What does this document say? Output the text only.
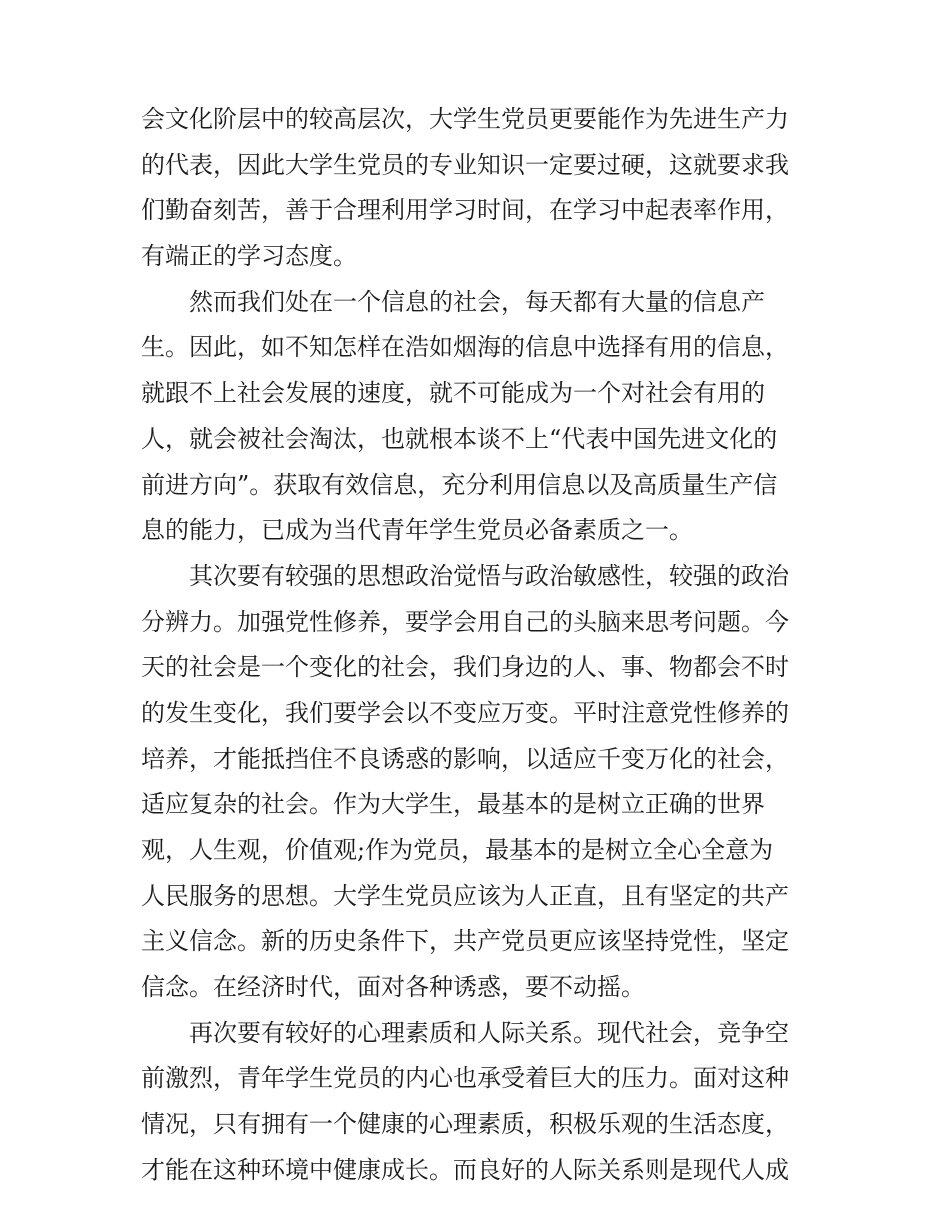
会文化阶层中的较高层次，大学生党员更要能作为先进生产力
的代表，因此大学生党员的专业知识一定要过硬，这就要求我
们勤奋刻苦，善于合理利用学习时间，在学习中起表率作用，
有端正的学习态度。
然而我们处在一个信息的社会，每天都有大量的信息产
生。因此，如不知怎样在浩如烟海的信息中选择有用的信息，
就跟不上社会发展的速度，就不可能成为一个对社会有用的
人，就会被社会淘汰，也就根本谈不上“代表中国先进文化的
前进方向”。获取有效信息，充分利用信息以及高质量生产信
息的能力，已成为当代青年学生党员必备素质之一。
其次要有较强的思想政治觉悟与政治敏感性，较强的政治
分辨力。加强党性修养，要学会用自己的头脑来思考问题。今
天的社会是一个变化的社会，我们身边的人、事、物都会不时
的发生变化，我们要学会以不变应万变。平时注意党性修养的
培养，才能抵挡住不良诱惑的影响，以适应千变万化的社会，
适应复杂的社会。作为大学生，最基本的是树立正确的世界
观，人生观，价值观;作为党员，最基本的是树立全心全意为
人民服务的思想。大学生党员应该为人正直，且有坚定的共产
主义信念。新的历史条件下，共产党员更应该坚持党性，坚定
信念。在经济时代，面对各种诱惑，要不动摇。
再次要有较好的心理素质和人际关系。现代社会，竞争空
前激烈，青年学生党员的内心也承受着巨大的压力。面对这种
情况，只有拥有一个健康的心理素质，积极乐观的生活态度，
才能在这种环境中健康成长。而良好的人际关系则是现代人成
